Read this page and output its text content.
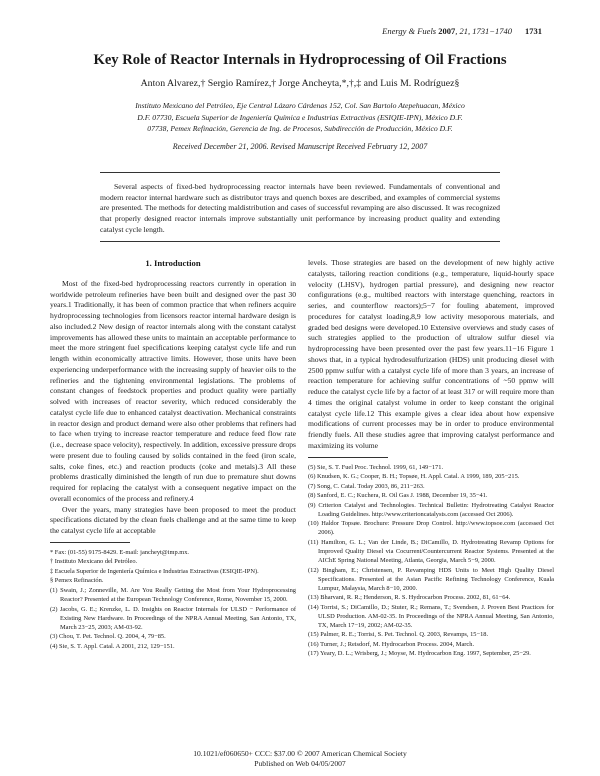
Energy & Fuels 2007, 21, 1731−1740 1731
Key Role of Reactor Internals in Hydroprocessing of Oil Fractions
Anton Alvarez,† Sergio Ramírez,† Jorge Ancheyta,*,†,‡ and Luis M. Rodríguez§
Instituto Mexicano del Petróleo, Eje Central Lázaro Cárdenas 152, Col. San Bartolo Atepehuacan, México
D.F. 07730, Escuela Superior de Ingeniería Química e Industrias Extractivas (ESIQIE-IPN), México D.F.
07738, Pemex Refinación, Gerencia de Ing. de Procesos, Subdirección de Producción, México D.F.
Received December 21, 2006. Revised Manuscript Received February 12, 2007
Several aspects of fixed-bed hydroprocessing reactor internals have been reviewed. Fundamentals of conventional and modern reactor internal hardware such as distributor trays and quench boxes are described, and examples of commercial systems are presented. The methods for detecting maldistribution and cases of successful revamping are also discussed. It was recognized that properly designed reactor internals improve substantially unit performance by increasing product quality and extending catalyst cycle length.
1. Introduction

Most of the fixed-bed hydroprocessing reactors currently in operation in worldwide petroleum refineries have been built and designed over the past 30 years.1 Traditionally, it has been of common practice that when refiners acquire hydroprocessing technologies from licensors reactor internal hardware design is also included.2 New design of reactor internals along with the constant catalyst improvements has allowed these units to maintain an acceptable performance to meet the more stringent fuel specifications keeping catalyst cycle life and run length within economically attractive limits. However, those units have been experiencing underperformance with the increasing supply of heavier oils to the refineries and the tightening environmental legislations. The problems of constant changes of feedstock properties and product quality were partially solved with increases of reactor severity, which reduced considerably the catalyst cycle life due to enhanced catalyst deactivation. Mechanical constraints in reactor design and product demand were also other problems that refiners had to face when trying to increase reactor temperature and reduce feed flow rate (i.e., decrease space velocity), respectively. In addition, excessive pressure drops were present due to fouling caused by solids contained in the feed (iron scale, salts, coke fines, etc.) and reaction products (coke and metals).3 All these problems drastically diminished the length of run due to premature shut downs required for replacing the catalyst with a consequent negative impact on the overall economics of the process and refinery.4

Over the years, many strategies have been proposed to meet the product specifications dictated by the clean fuels challenge and at the same time to keep the catalyst cycle life at acceptable

* Fax: (01-55) 9175-8429. E-mail: jancheyt@imp.mx.
† Instituto Mexicano del Petróleo.
‡ Escuela Superior de Ingeniería Química e Industrias Extractivas (ESIQIE-IPN).
§ Pemex Refinación.
(1) Swain, J.; Zonneville, M. Are You Really Getting the Most from Your Hydroprocessing Reactor? Presented at the European Technology Conference, Rome, November 15, 2000.
(2) Jacobs, G. E.; Krenzke, L. D. Insights on Reactor Internals for ULSD − Performance of Existing New Hardware. In Proceedings of the NPRA Annual Meeting, San Antonio, TX, March 23−25, 2003; AM-03-92.
(3) Chou, T. Pet. Technol. Q. 2004, 4, 79−85.
(4) Sie, S. T. Appl. Catal. A 2001, 212, 129−151.

levels. Those strategies are based on the development of new highly active catalysts, tailoring reaction conditions (e.g., temperature, liquid-hourly space velocity (LHSV), hydrogen partial pressure), and designing new reactor configurations (e.g., multibed reactors with interstage quenching, reactors in series, and counterflow reactors);5−7 for fouling abatement, improved procedures for catalyst loading,8,9 low activity mesoporous materials, and graded bed designs were developed.10 Extensive overviews and study cases of such strategies applied to the production of ultralow sulfur diesel via hydroprocessing have been presented over the past few years.11−16 Figure 1 shows that, in a typical hydrodesulfurization (HDS) unit producing diesel with 2500 ppmw sulfur with a catalyst cycle life of more than 3 years, an increase of reaction temperature for achieving sulfur concentrations of ~50 ppmw will reduce the catalyst cycle life by a factor of at least 317 or will require more than 4 times the original catalyst volume in order to keep constant the original catalyst cycle life.12 This example gives a clear idea about how expensive modifications of current processes may be in order to produce environmental friendly fuels. All these studies agree that improving catalyst performance and maximizing its volume

(5) Sie, S. T. Fuel Proc. Technol. 1999, 61, 149−171.
(6) Knudsen, K. G.; Cooper, B. H.; Topsøe, H. Appl. Catal. A 1999, 189, 205−215.
(7) Song, C. Catal. Today 2003, 86, 211−263.
(8) Sanford, E. C.; Kuchera, R. Oil Gas J. 1988, December 19, 35−41.
(9) Criterion Catalyst and Technologies. Technical Bulletin: Hydrotreating Catalyst Reactor Loading Guidelines. http://www.criterioncatalysts.com (accessed Oct 2006).
(10) Haldor Topsøe. Brochure: Pressure Drop Control. http://www.topsoe.com (accessed Oct 2006).
(11) Hamilton, G. L.; Van der Linde, B.; DiCamillo, D. Hydrotreating Revamp Options for Improved Quality Diesel via Cocurrent/Countercurrent Reactor Systems. Presented at the AIChE Spring National Meeting, Atlanta, Georgia, March 5−9, 2000.
(12) Bingham, E.; Christensen, P. Revamping HDS Units to Meet High Quality Diesel Specifications. Presented at the Asian Pacific Refining Technology Conference, Kuala Lumpur, Malaysia, March 8−10, 2000.
(13) Bharvani, R. R.; Henderson, R. S. Hydrocarbon Process. 2002, 81, 61−64.
(14) Torrisi, S.; DiCamillo, D.; Stuter, R.; Remans, T.; Svendsen, J. Proven Best Practices for ULSD Production. AM-02-35. In Proceedings of the NPRA Annual Meeting, San Antonio, TX, March 17−19, 2002; AM-02-35.
(15) Palmer, R. E.; Torrisi, S. Pet. Technol. Q. 2003, Revamps, 15−18.
(16) Turner, J.; Reisdorf, M. Hydrocarbon Process. 2004, March.
(17) Yeary, D. L.; Wrisberg, J.; Moyse, M. Hydrocarbon Eng. 1997, September, 25−29.
10.1021/ef060650+ CCC: $37.00 © 2007 American Chemical Society
Published on Web 04/05/2007
